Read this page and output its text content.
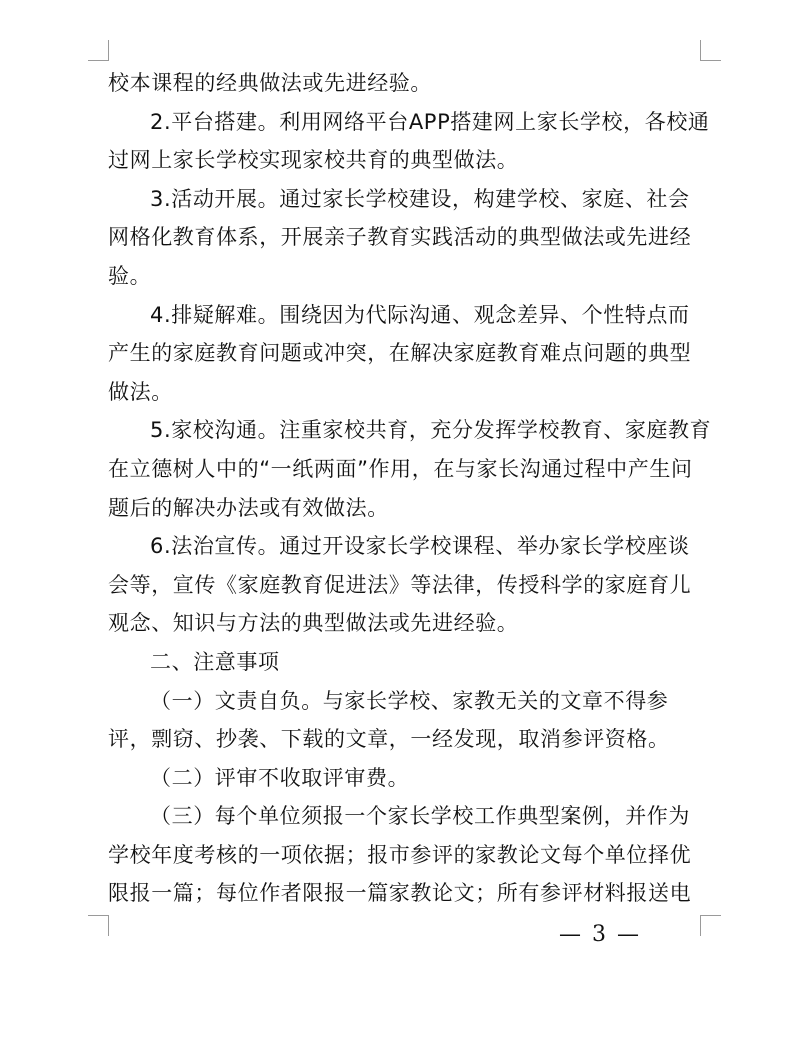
校本课程的经典做法或先进经验。
2.平台搭建。利用网络平台APP搭建网上家长学校，各校通
过网上家长学校实现家校共育的典型做法。
3.活动开展。通过家长学校建设，构建学校、家庭、社会
网格化教育体系，开展亲子教育实践活动的典型做法或先进经
验。
4.排疑解难。围绕因为代际沟通、观念差异、个性特点而
产生的家庭教育问题或冲突，在解决家庭教育难点问题的典型
做法。
5.家校沟通。注重家校共育，充分发挥学校教育、家庭教育
在立德树人中的“一纸两面”作用，在与家长沟通过程中产生问
题后的解决办法或有效做法。
6.法治宣传。通过开设家长学校课程、举办家长学校座谈
会等，宣传《家庭教育促进法》等法律，传授科学的家庭育儿
观念、知识与方法的典型做法或先进经验。
二、注意事项
（一）文责自负。与家长学校、家教无关的文章不得参
评，剽窃、抄袭、下载的文章，一经发现，取消参评资格。
（二）评审不收取评审费。
（三）每个单位须报一个家长学校工作典型案例，并作为
学校年度考核的一项依据；报市参评的家教论文每个单位择优
限报一篇；每位作者限报一篇家教论文；所有参评材料报送电
— 3 —
